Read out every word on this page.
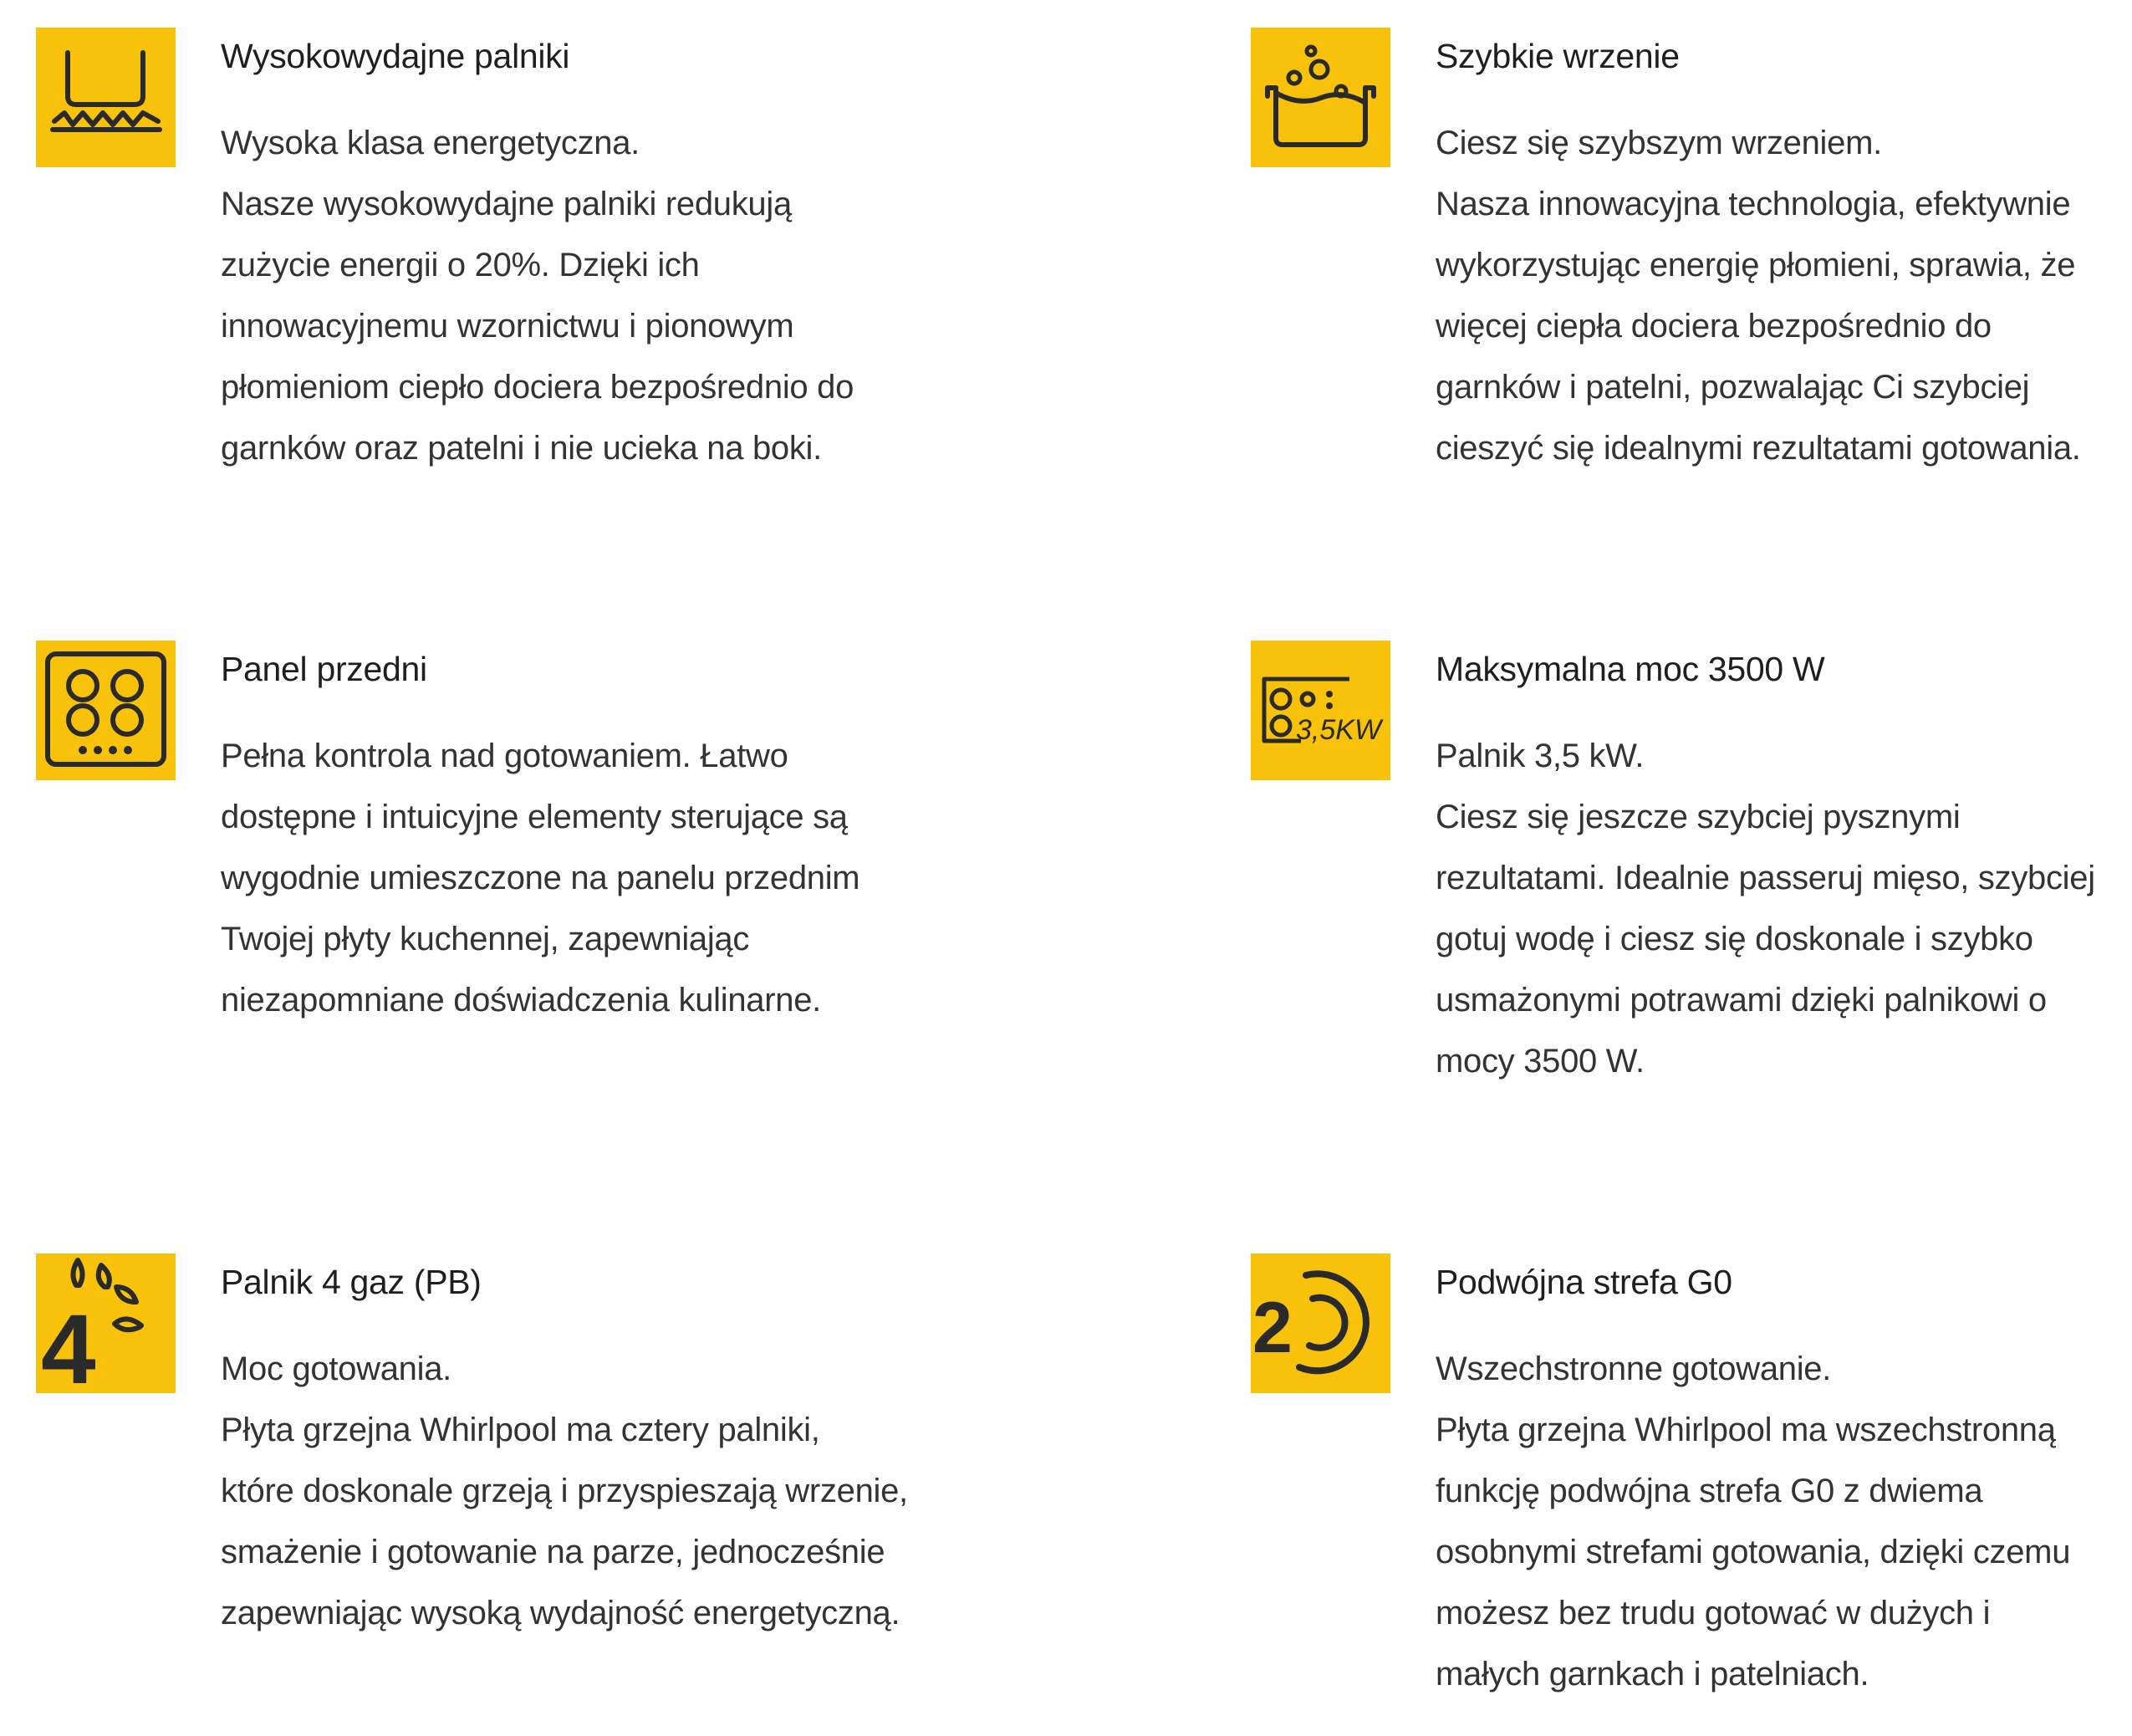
Wysokowydajne palniki

Wysoka klasa energetyczna.

Nasze wysokowydajne palniki redukują

zużycie energii o 20%. Dzięki ich

innowacyjnemu wzornictwu i pionowym

płomieniom ciepło dociera bezpośrednio do

garnków oraz patelni i nie ucieka na boki.

Szybkie wrzenie

Ciesz się szybszym wrzeniem.

Nasza innowacyjna technologia, efektywnie

wykorzystując energię płomieni, sprawia, że

więcej ciepła dociera bezpośrednio do

garnków i patelni, pozwalając Ci szybciej

cieszyć się idealnymi rezultatami gotowania.

Panel przedni

Pełna kontrola nad gotowaniem. Łatwo

dostępne i intuicyjne elementy sterujące są

wygodnie umieszczone na panelu przednim

Twojej płyty kuchennej, zapewniając

niezapomniane doświadczenia kulinarne.

3,5KW
Maksymalna moc 3500 W

Palnik 3,5 kW.

Ciesz się jeszcze szybciej pysznymi

rezultatami. Idealnie passeruj mięso, szybciej

gotuj wodę i ciesz się doskonale i szybko

usmażonymi potrawami dzięki palnikowi o

mocy 3500 W.

4
Palnik 4 gaz (PB)

Moc gotowania.

Płyta grzejna Whirlpool ma cztery palniki,

które doskonale grzeją i przyspieszają wrzenie,

smażenie i gotowanie na parze, jednocześnie

zapewniając wysoką wydajność energetyczną.

2
Podwójna strefa G0

Wszechstronne gotowanie.

Płyta grzejna Whirlpool ma wszechstronną

funkcję podwójna strefa G0 z dwiema

osobnymi strefami gotowania, dzięki czemu

możesz bez trudu gotować w dużych i

małych garnkach i patelniach.
